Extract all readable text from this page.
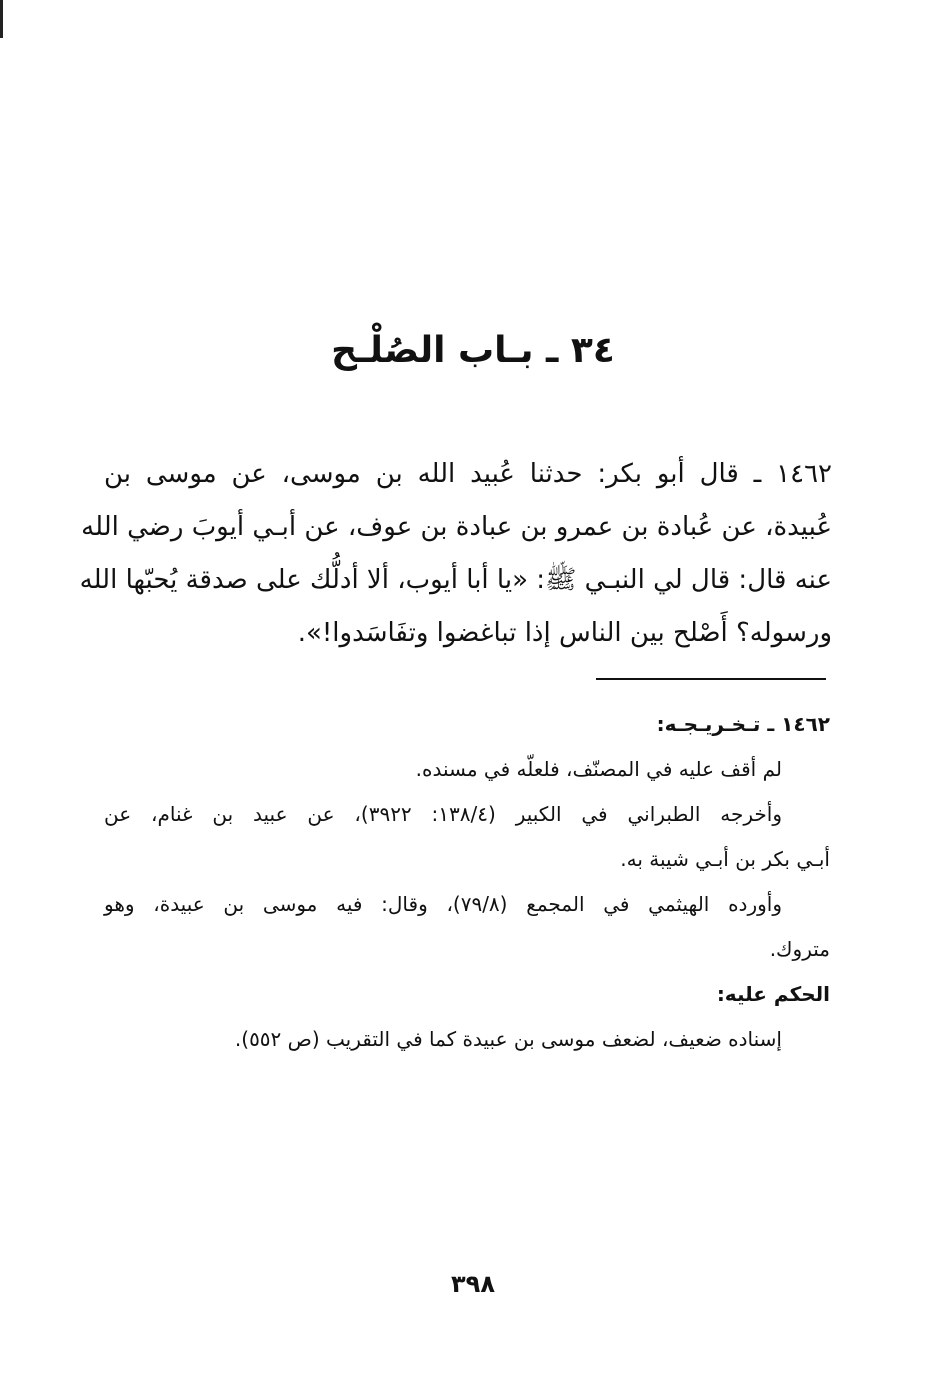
٣٤ ـ بـاب الصُلْـح
١٤٦٢ ـ قال أبو بكر: حدثنا عُبيد الله بن موسى، عن موسى بن
عُبيدة، عن عُبادة بن عمرو بن عبادة بن عوف، عن أبـي أيوبَ رضي الله
عنه قال: قال لي النبـي ﷺ: «يا أبا أيوب، ألا أدلُّك على صدقة يُحبّها الله
ورسوله؟ أَصْلح بين الناس إذا تباغضوا وتفَاسَدوا!».
١٤٦٢ ـ تـخـريـجـه:
لم أقف عليه في المصنّف، فلعلّه في مسنده.
وأخرجه الطبراني في الكبير (١٣٨/٤: ٣٩٢٢)، عن عبيد بن غنام، عن
أبـي بكر بن أبـي شيبة به.
وأورده الهيثمي في المجمع (٧٩/٨)، وقال: فيه موسى بن عبيدة، وهو
متروك.
الحكم عليه:
إسناده ضعيف، لضعف موسى بن عبيدة كما في التقريب (ص ٥٥٢).
٣٩٨
